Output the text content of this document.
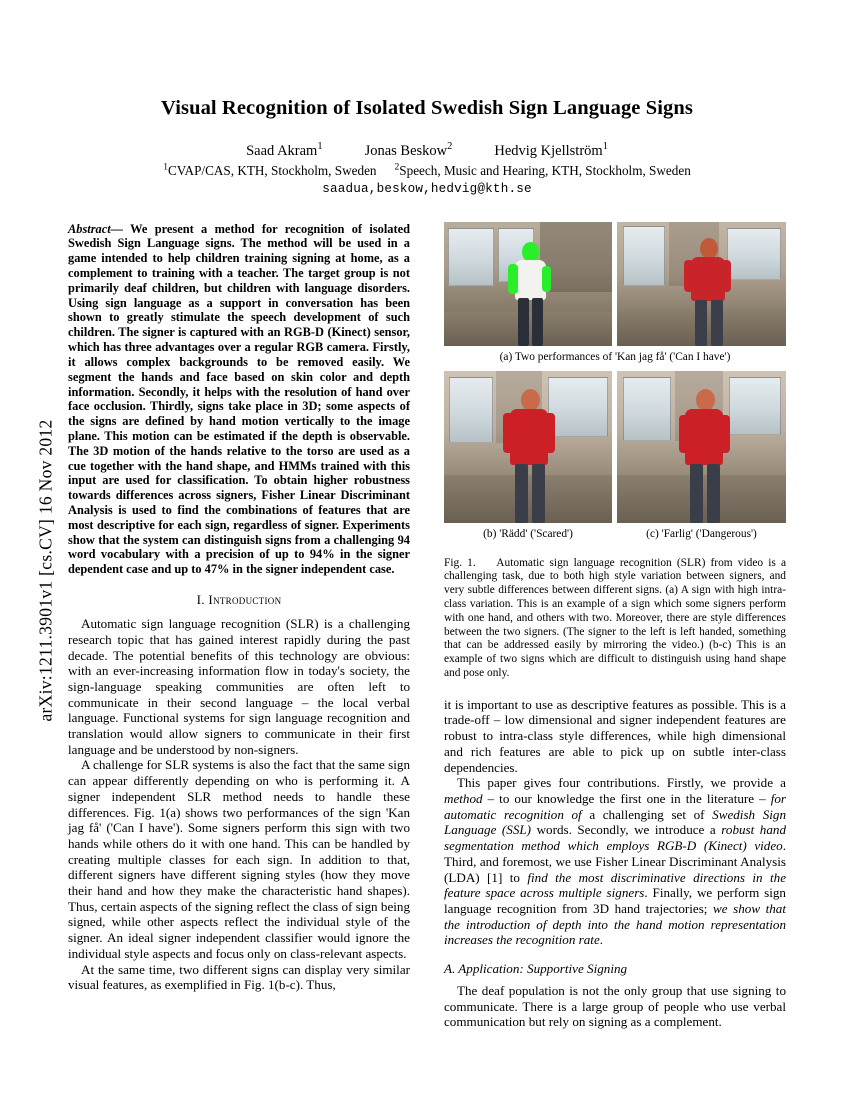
arXiv:1211.3901v1 [cs.CV] 16 Nov 2012
Visual Recognition of Isolated Swedish Sign Language Signs
Saad Akram$^1$	Jonas Beskow$^2$	Hedvig Kjellström$^1$
$^1$CVAP/CAS, KTH, Stockholm, Sweden $^2$Speech, Music and Hearing, KTH, Stockholm, Sweden
saadua,beskow,hedvig@kth.se
Abstract— We present a method for recognition of isolated Swedish Sign Language signs. The method will be used in a game intended to help children training signing at home, as a complement to training with a teacher. The target group is not primarily deaf children, but children with language disorders. Using sign language as a support in conversation has been shown to greatly stimulate the speech development of such children. The signer is captured with an RGB-D (Kinect) sensor, which has three advantages over a regular RGB camera. Firstly, it allows complex backgrounds to be removed easily. We segment the hands and face based on skin color and depth information. Secondly, it helps with the resolution of hand over face occlusion. Thirdly, signs take place in 3D; some aspects of the signs are defined by hand motion vertically to the image plane. This motion can be estimated if the depth is observable. The 3D motion of the hands relative to the torso are used as a cue together with the hand shape, and HMMs trained with this input are used for classification. To obtain higher robustness towards differences across signers, Fisher Linear Discriminant Analysis is used to find the combinations of features that are most descriptive for each sign, regardless of signer. Experiments show that the system can distinguish signs from a challenging 94 word vocabulary with a precision of up to 94% in the signer dependent case and up to 47% in the signer independent case.
I. Introduction

Automatic sign language recognition (SLR) is a challenging research topic that has gained interest rapidly during the past decade. The potential benefits of this technology are obvious: with an ever-increasing information flow in today's society, the sign-language speaking communities are often left to communicate in their second language – the local verbal language. Functional systems for sign language recognition and translation would allow signers to communicate in their first language and be understood by non-signers.

A challenge for SLR systems is also the fact that the same sign can appear differently depending on who is performing it. A signer independent SLR method needs to handle these differences. Fig. 1(a) shows two performances of the sign 'Kan jag få' ('Can I have'). Some signers perform this sign with two hands while others do it with one hand. This can be handled by creating multiple classes for each sign. In addition to that, different signers have different signing styles (how they move their hand and how they make the characteristic hand shapes). Thus, certain aspects of the signing reflect the class of sign being signed, while other aspects reflect the individual style of the signer. An ideal signer independent classifier would ignore the individual style aspects and focus only on class-relevant aspects.

At the same time, two different signs can display very similar visual features, as exemplified in Fig. 1(b-c). Thus,

(a) Two performances of 'Kan jag få' ('Can I have')
(b) 'Rädd' ('Scared')	(c) 'Farlig' ('Dangerous')
Fig. 1. Automatic sign language recognition (SLR) from video is a challenging task, due to both high style variation between signers, and very subtle differences between different signs. (a) A sign with high intra-class variation. This is an example of a sign which some signers perform with one hand, and others with two. Moreover, there are style differences between the two signers. (The signer to the left is left handed, something that can be addressed easily by mirroring the video.) (b-c) This is an example of two signs which are difficult to distinguish using hand shape and pose only.

it is important to use as descriptive features as possible. This is a trade-off – low dimensional and signer independent features are robust to intra-class style differences, while high dimensional and rich features are able to pick up on subtle inter-class dependencies.

This paper gives four contributions. Firstly, we provide a method – to our knowledge the first one in the literature – for automatic recognition of a challenging set of Swedish Sign Language (SSL) words. Secondly, we introduce a robust hand segmentation method which employs RGB-D (Kinect) video. Third, and foremost, we use Fisher Linear Discriminant Analysis (LDA) [1] to find the most discriminative directions in the feature space across multiple signers. Finally, we perform sign language recognition from 3D hand trajectories; we show that the introduction of depth into the hand motion representation increases the recognition rate.

A. Application: Supportive Signing

The deaf population is not the only group that use signing to communicate. There is a large group of people who use verbal communication but rely on signing as a complement.
